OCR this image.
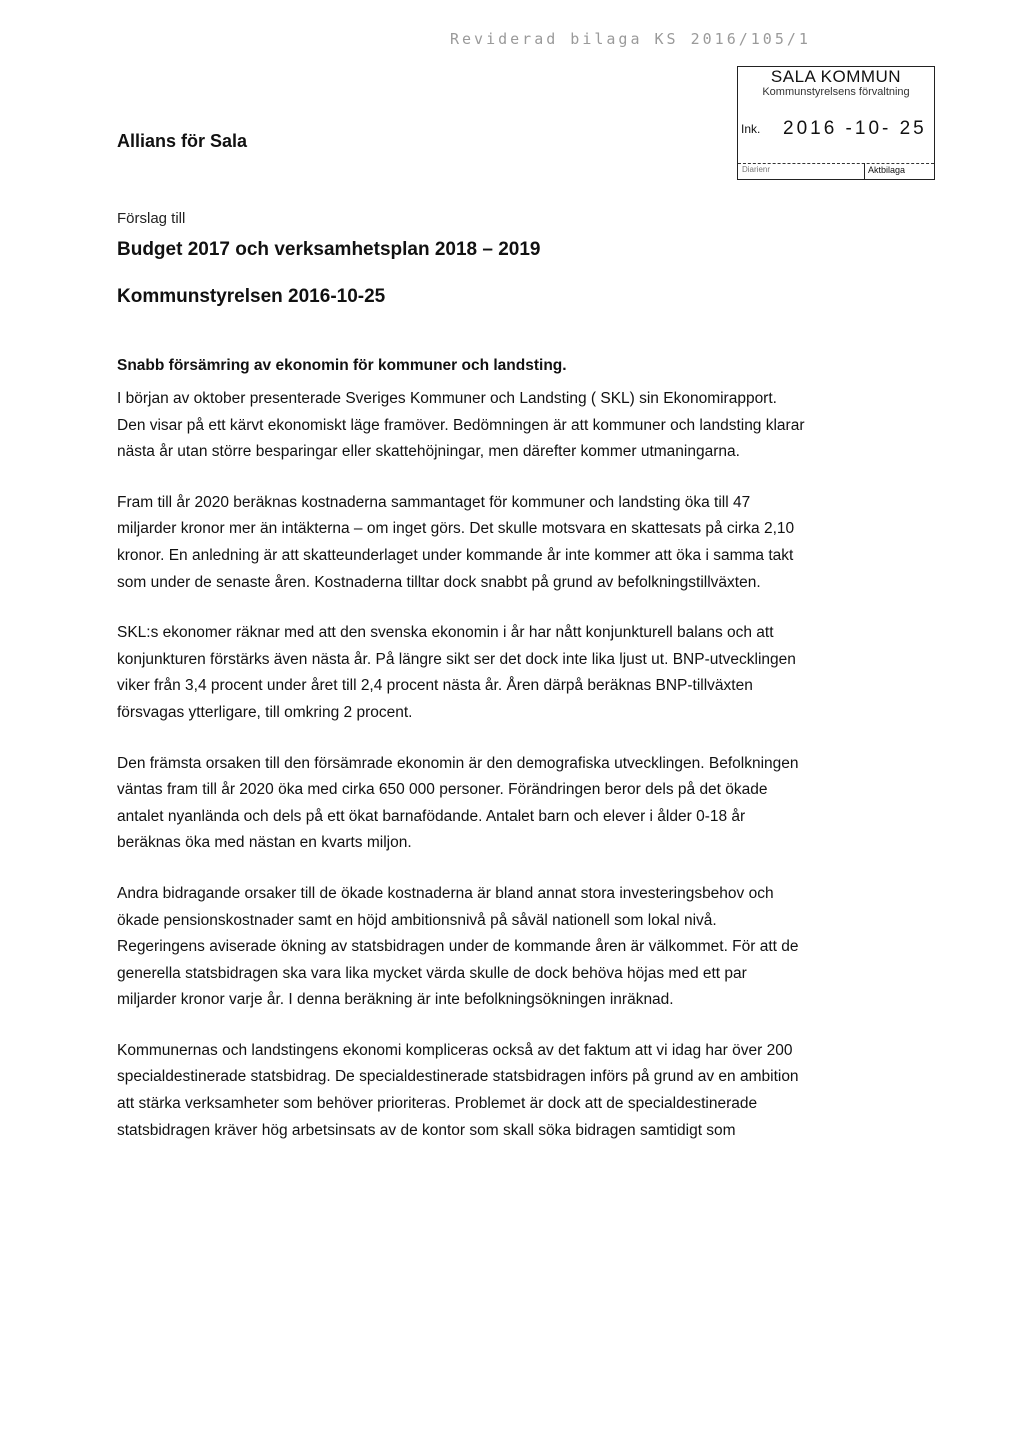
Reviderad bilaga KS 2016/105/1
Allians för Sala
SALA KOMMUN
Kommunstyrelsens förvaltning
Ink. 2016 -10- 25
Diarienr	Aktbilaga
Förslag till
Budget 2017 och verksamhetsplan 2018 – 2019
Kommunstyrelsen 2016-10-25
Snabb försämring av ekonomin för kommuner och landsting.

I början av oktober presenterade Sveriges Kommuner och Landsting ( SKL) sin Ekonomirapport. Den visar på ett kärvt ekonomiskt läge framöver. Bedömningen är att kommuner och landsting klarar nästa år utan större besparingar eller skattehöjningar, men därefter kommer utmaningarna.

Fram till år 2020 beräknas kostnaderna sammantaget för kommuner och landsting öka till 47 miljarder kronor mer än intäkterna – om inget görs. Det skulle motsvara en skattesats på cirka 2,10 kronor. En anledning är att skatteunderlaget under kommande år inte kommer att öka i samma takt som under de senaste åren. Kostnaderna tilltar dock snabbt på grund av befolkningstillväxten.

SKL:s ekonomer räknar med att den svenska ekonomin i år har nått konjunkturell balans och att konjunkturen förstärks även nästa år. På längre sikt ser det dock inte lika ljust ut. BNP-utvecklingen viker från 3,4 procent under året till 2,4 procent nästa år. Åren därpå beräknas BNP-tillväxten försvagas ytterligare, till omkring 2 procent.

Den främsta orsaken till den försämrade ekonomin är den demografiska utvecklingen. Befolkningen väntas fram till år 2020 öka med cirka 650 000 personer. Förändringen beror dels på det ökade antalet nyanlända och dels på ett ökat barnafödande. Antalet barn och elever i ålder 0-18 år beräknas öka med nästan en kvarts miljon.

Andra bidragande orsaker till de ökade kostnaderna är bland annat stora investeringsbehov och ökade pensionskostnader samt en höjd ambitionsnivå på såväl nationell som lokal nivå. Regeringens aviserade ökning av statsbidragen under de kommande åren är välkommet. För att de generella statsbidragen ska vara lika mycket värda skulle de dock behöva höjas med ett par miljarder kronor varje år. I denna beräkning är inte befolkningsökningen inräknad.

Kommunernas och landstingens ekonomi kompliceras också av det faktum att vi idag har över 200 specialdestinerade statsbidrag. De specialdestinerade statsbidragen införs på grund av en ambition att stärka verksamheter som behöver prioriteras. Problemet är dock att de specialdestinerade statsbidragen kräver hög arbetsinsats av de kontor som skall söka bidragen samtidigt som
